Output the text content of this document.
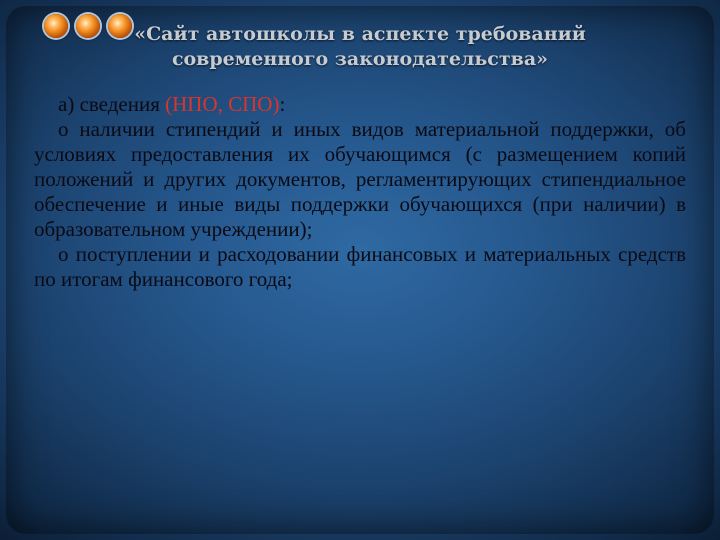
«Сайт автошколы в аспекте требований современного законодательства»

а) сведения (НПО, СПО):

о наличии стипендий и иных видов материальной поддержки, об условиях предоставления их обучающимся (с размещением копий положений и других документов, регламентирующих стипендиальное обеспечение и иные виды поддержки обучающихся (при наличии) в образовательном учреждении);

о поступлении и расходовании финансовых и материальных средств по итогам финансового года;
